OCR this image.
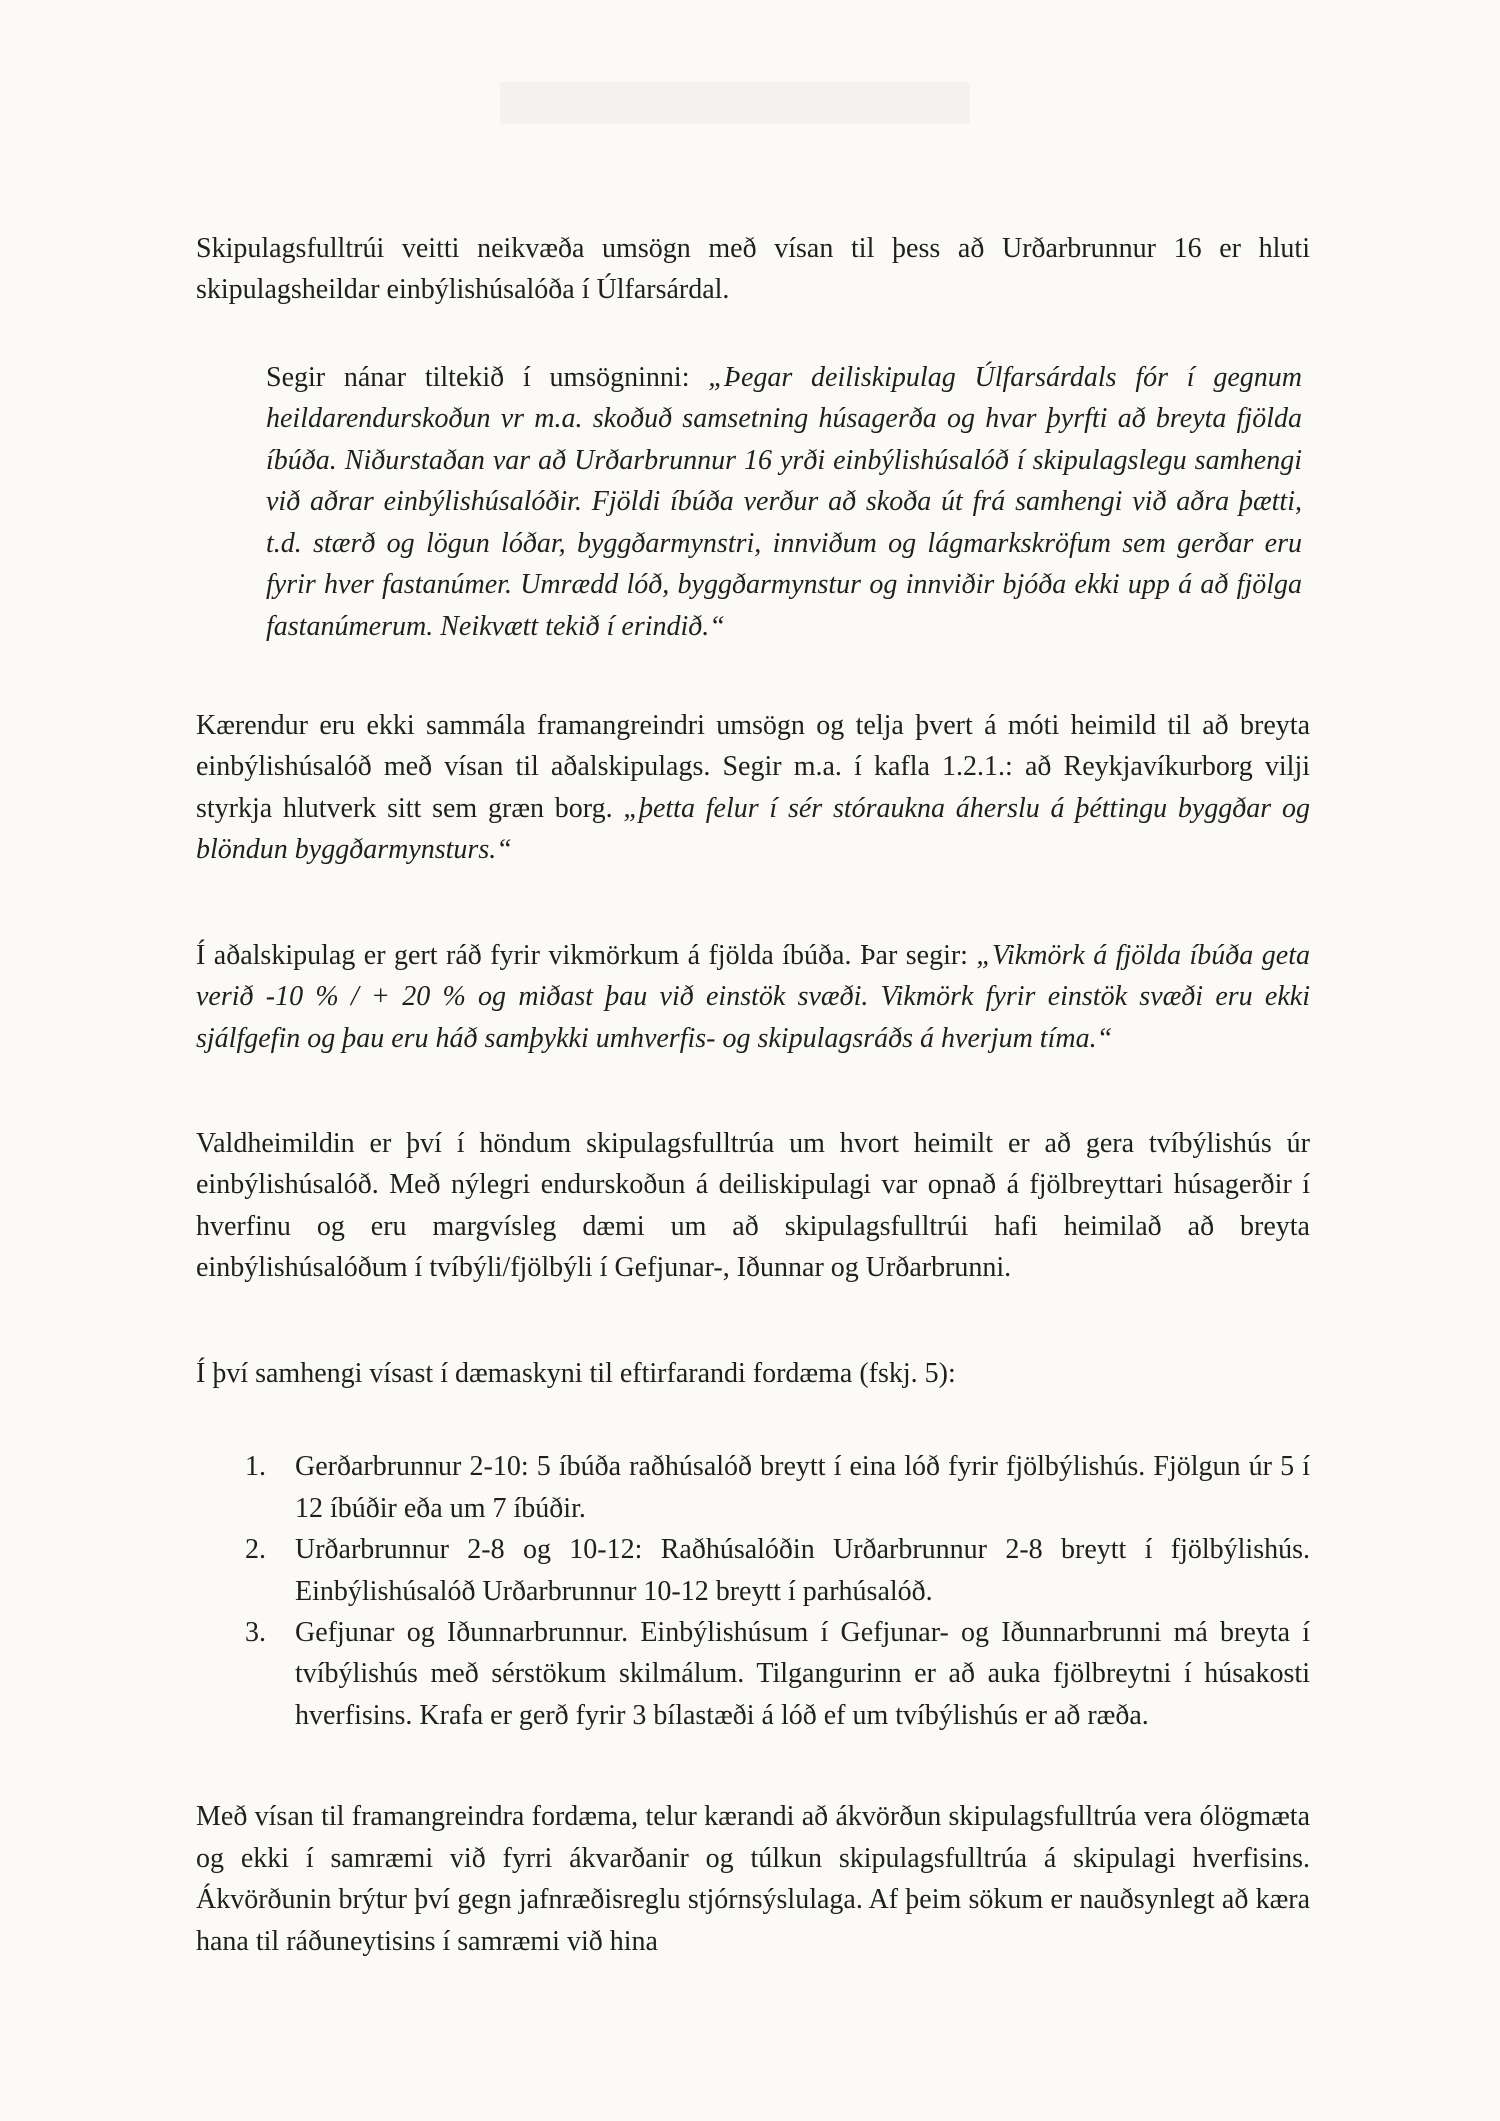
Skipulagsfulltrúi veitti neikvæða umsögn með vísan til þess að Urðarbrunnur 16 er hluti skipulagsheildar einbýlishúsalóða í Úlfarsárdal.

Segir nánar tiltekið í umsögninni: „Þegar deiliskipulag Úlfarsárdals fór í gegnum heildarendurskoðun vr m.a. skoðuð samsetning húsagerða og hvar þyrfti að breyta fjölda íbúða. Niðurstaðan var að Urðarbrunnur 16 yrði einbýlishúsalóð í skipulagslegu samhengi við aðrar einbýlishúsalóðir. Fjöldi íbúða verður að skoða út frá samhengi við aðra þætti, t.d. stærð og lögun lóðar, byggðarmynstri, innviðum og lágmarkskröfum sem gerðar eru fyrir hver fastanúmer. Umrædd lóð, byggðarmynstur og innviðir bjóða ekki upp á að fjölga fastanúmerum. Neikvætt tekið í erindið.“

Kærendur eru ekki sammála framangreindri umsögn og telja þvert á móti heimild til að breyta einbýlishúsalóð með vísan til aðalskipulags. Segir m.a. í kafla 1.2.1.: að Reykjavíkurborg vilji styrkja hlutverk sitt sem græn borg. „þetta felur í sér stóraukna áherslu á þéttingu byggðar og blöndun byggðarmynsturs.“

Í aðalskipulag er gert ráð fyrir vikmörkum á fjölda íbúða. Þar segir: „Vikmörk á fjölda íbúða geta verið -10 % / + 20 % og miðast þau við einstök svæði. Vikmörk fyrir einstök svæði eru ekki sjálfgefin og þau eru háð samþykki umhverfis- og skipulagsráðs á hverjum tíma.“

Valdheimildin er því í höndum skipulagsfulltrúa um hvort heimilt er að gera tvíbýlishús úr einbýlishúsalóð. Með nýlegri endurskoðun á deiliskipulagi var opnað á fjölbreyttari húsagerðir í hverfinu og eru margvísleg dæmi um að skipulagsfulltrúi hafi heimilað að breyta einbýlishúsalóðum í tvíbýli/fjölbýli í Gefjunar-, Iðunnar og Urðarbrunni.

Í því samhengi vísast í dæmaskyni til eftirfarandi fordæma (fskj. 5):

1.	Gerðarbrunnur 2-10: 5 íbúða raðhúsalóð breytt í eina lóð fyrir fjölbýlishús. Fjölgun úr 5 í 12 íbúðir eða um 7 íbúðir.
2.	Urðarbrunnur 2-8 og 10-12: Raðhúsalóðin Urðarbrunnur 2-8 breytt í fjölbýlishús. Einbýlishúsalóð Urðarbrunnur 10-12 breytt í parhúsalóð.
3.	Gefjunar og Iðunnarbrunnur. Einbýlishúsum í Gefjunar- og Iðunnarbrunni má breyta í tvíbýlishús með sérstökum skilmálum. Tilgangurinn er að auka fjölbreytni í húsakosti hverfisins. Krafa er gerð fyrir 3 bílastæði á lóð ef um tvíbýlishús er að ræða.

Með vísan til framangreindra fordæma, telur kærandi að ákvörðun skipulagsfulltrúa vera ólögmæta og ekki í samræmi við fyrri ákvarðanir og túlkun skipulagsfulltrúa á skipulagi hverfisins. Ákvörðunin brýtur því gegn jafnræðisreglu stjórnsýslulaga. Af þeim sökum er nauðsynlegt að kæra hana til ráðuneytisins í samræmi við hina
